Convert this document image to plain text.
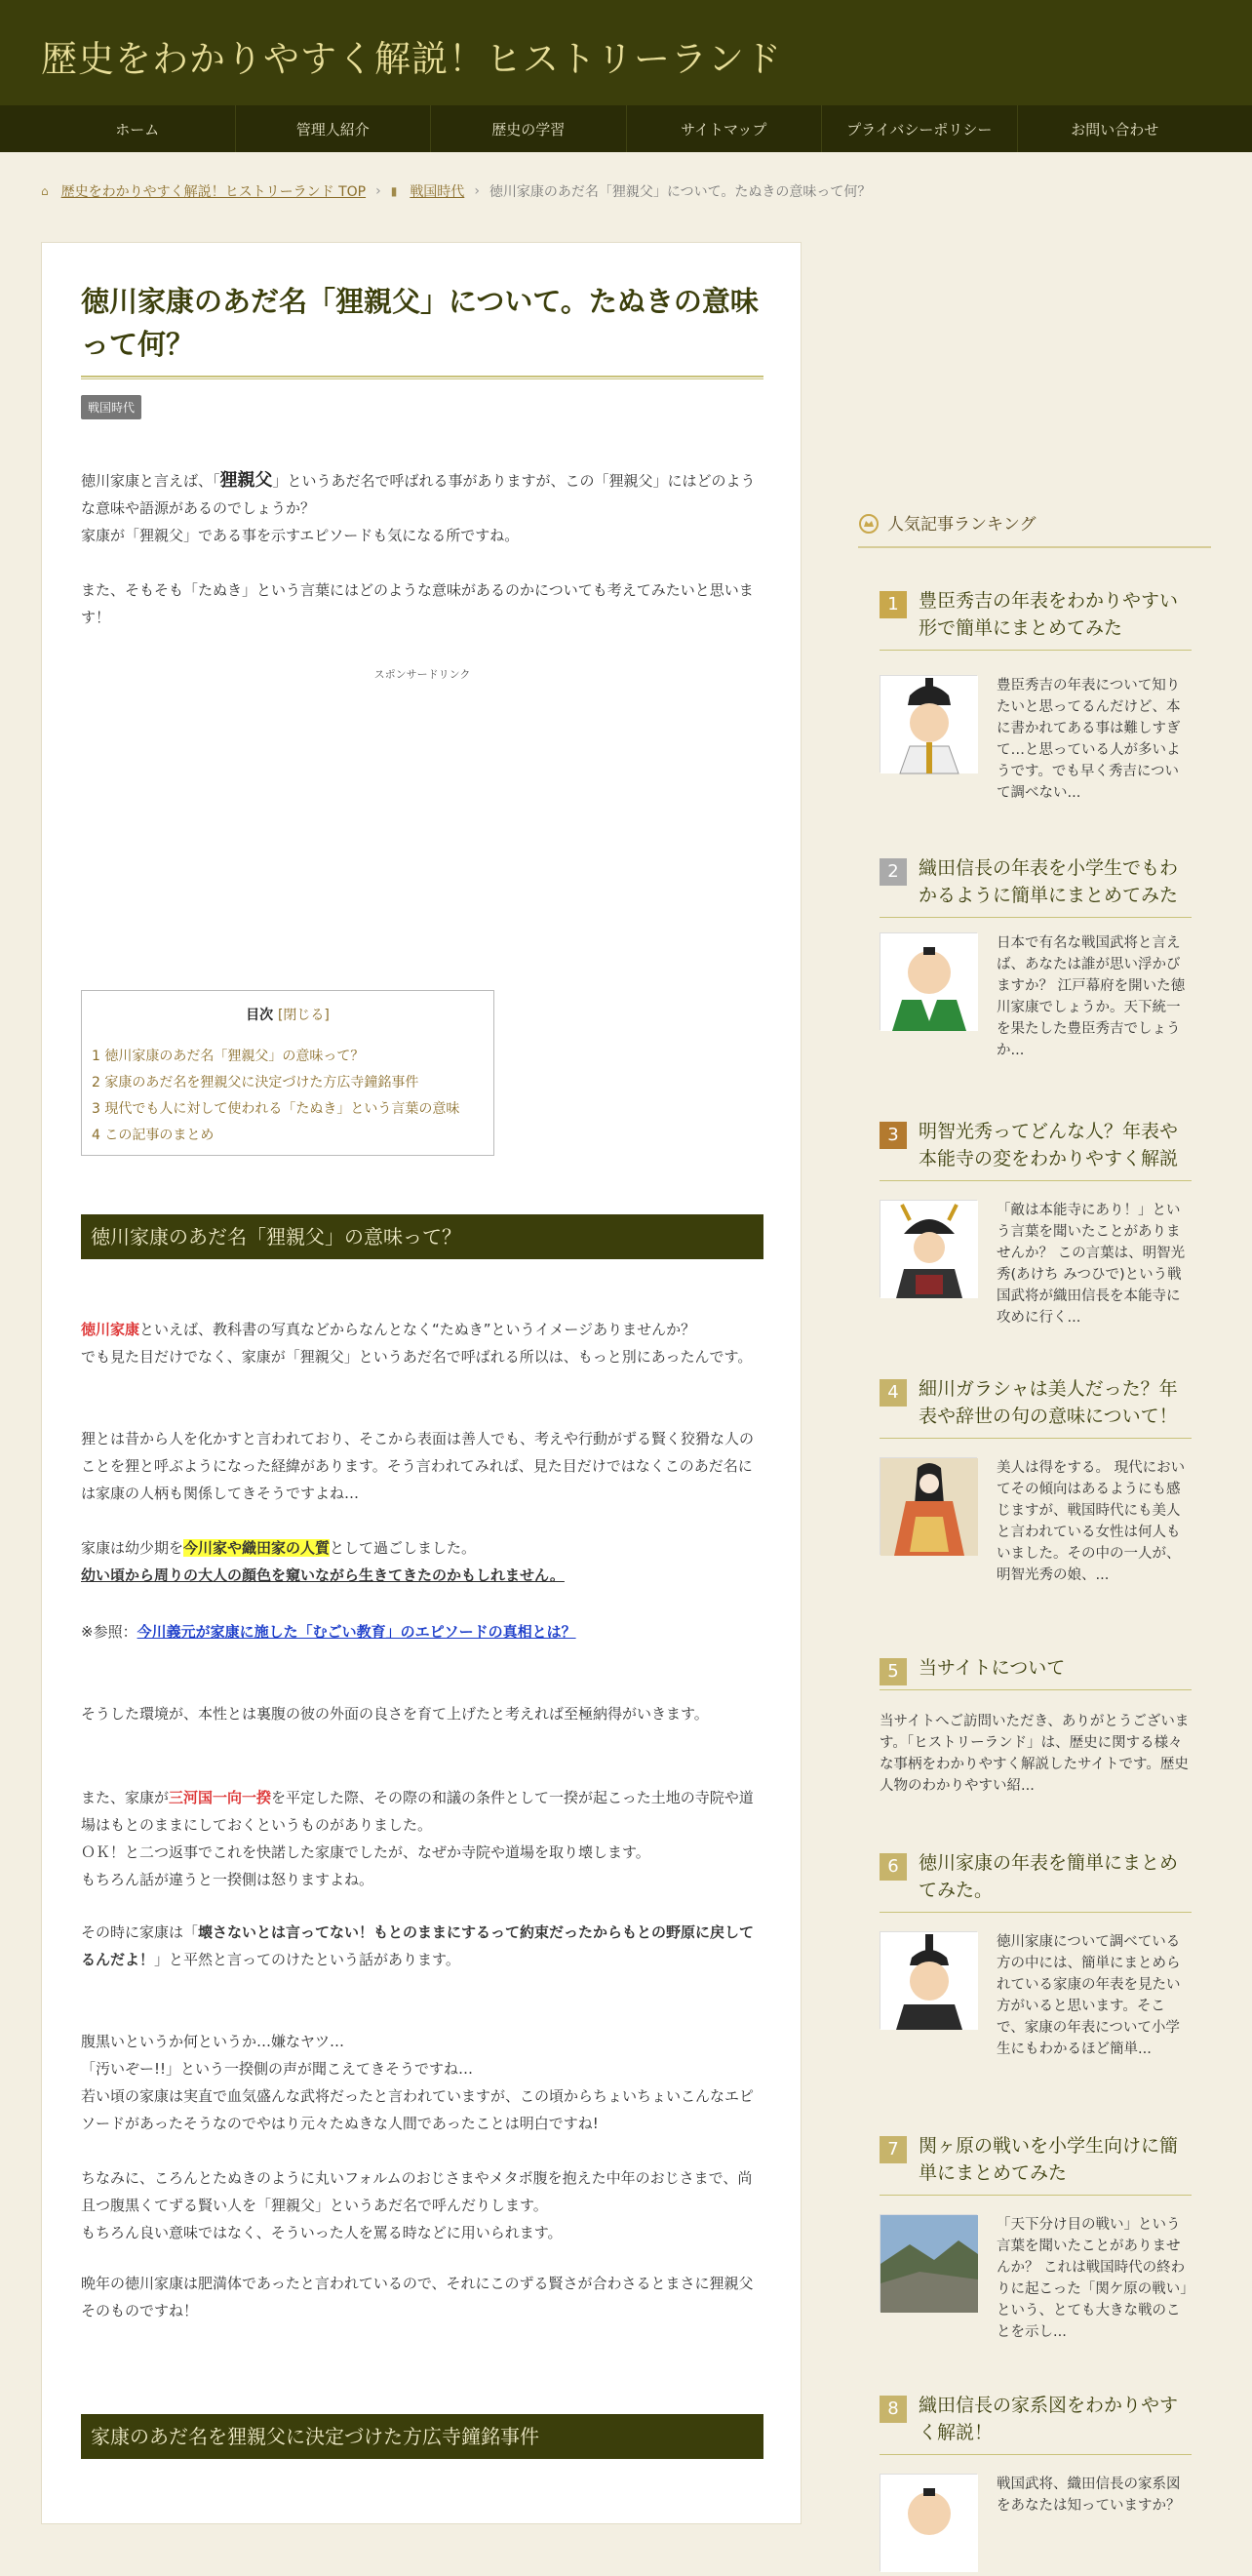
歴史をわかりやすく解説！ヒストリーランド
ホーム	管理人紹介	歴史の学習	サイトマップ	プライバシーポリシー	お問い合わせ
⌂ 歴史をわかりやすく解説！ヒストリーランド TOP › ▮ 戦国時代 › 徳川家康のあだ名「狸親父」について。たぬきの意味って何？
徳川家康のあだ名「狸親父」について。たぬきの意味って何？
戦国時代
徳川家康と言えば、「狸親父」というあだ名で呼ばれる事がありますが、この「狸親父」にはどのような意味や語源があるのでしょうか？
家康が「狸親父」である事を示すエピソードも気になる所ですね。
また、そもそも「たぬき」という言葉にはどのような意味があるのかについても考えてみたいと思います！
スポンサードリンク
目次 [閉じる]
1 徳川家康のあだ名「狸親父」の意味って？
2 家康のあだ名を狸親父に決定づけた方広寺鐘銘事件
3 現代でも人に対して使われる「たぬき」という言葉の意味
4 この記事のまとめ
徳川家康のあだ名「狸親父」の意味って？
徳川家康といえば、教科書の写真などからなんとなく“たぬき”というイメージありませんか？
でも見た目だけでなく、家康が「狸親父」というあだ名で呼ばれる所以は、もっと別にあったんです。
狸とは昔から人を化かすと言われており、そこから表面は善人でも、考えや行動がずる賢く狡猾な人のことを狸と呼ぶようになった経緯があります。そう言われてみれば、見た目だけではなくこのあだ名には家康の人柄も関係してきそうですよね…
家康は幼少期を今川家や織田家の人質として過ごしました。
幼い頃から周りの大人の顔色を窺いながら生きてきたのかもしれません。
※参照：今川義元が家康に施した「むごい教育」のエピソードの真相とは？
そうした環境が、本性とは裏腹の彼の外面の良さを育て上げたと考えれば至極納得がいきます。
また、家康が三河国一向一揆を平定した際、その際の和議の条件として一揆が起こった土地の寺院や道場はもとのままにしておくというものがありました。
ＯＫ！と二つ返事でこれを快諾した家康でしたが、なぜか寺院や道場を取り壊します。
もちろん話が違うと一揆側は怒りますよね。
その時に家康は「壊さないとは言ってない！もとのままにするって約束だったからもとの野原に戻してるんだよ！」と平然と言ってのけたという話があります。
腹黒いというか何というか…嫌なヤツ…
「汚いぞー!!」という一揆側の声が聞こえてきそうですね…
若い頃の家康は実直で血気盛んな武将だったと言われていますが、この頃からちょいちょいこんなエピソードがあったそうなのでやはり元々たぬきな人間であったことは明白ですね!
ちなみに、ころんとたぬきのように丸いフォルムのおじさまやメタボ腹を抱えた中年のおじさまで、尚且つ腹黒くてずる賢い人を「狸親父」というあだ名で呼んだりします。
もちろん良い意味ではなく、そういった人を罵る時などに用いられます。
晩年の徳川家康は肥満体であったと言われているので、それにこのずる賢さが合わさるとまさに狸親父そのものですね！
家康のあだ名を狸親父に決定づけた方広寺鐘銘事件
人気記事ランキング
1	豊臣秀吉の年表をわかりやすい形で簡単にまとめてみた
豊臣秀吉の年表について知りたいと思ってるんだけど、本に書かれてある事は難しすぎて…と思っている人が多いようです。でも早く秀吉について調べない...
2	織田信長の年表を小学生でもわかるように簡単にまとめてみた
日本で有名な戦国武将と言えば、あなたは誰が思い浮かびますか？ 江戸幕府を開いた徳川家康でしょうか。天下統一を果たした豊臣秀吉でしょうか...
3	明智光秀ってどんな人？年表や本能寺の変をわかりやすく解説
「敵は本能寺にあり！」という言葉を聞いたことがありませんか？ この言葉は、明智光秀(あけち みつひで)という戦国武将が織田信長を本能寺に攻めに行く...
4	細川ガラシャは美人だった？年表や辞世の句の意味について！
美人は得をする。 現代においてその傾向はあるようにも感じますが、戦国時代にも美人と言われている女性は何人もいました。その中の一人が、明智光秀の娘、...
5	当サイトについて
当サイトへご訪問いただき、ありがとうございます。「ヒストリーランド」は、歴史に関する様々な事柄をわかりやすく解説したサイトです。歴史人物のわかりやすい紹...
6	徳川家康の年表を簡単にまとめてみた。
徳川家康について調べている方の中には、簡単にまとめられている家康の年表を見たい方がいると思います。そこで、家康の年表について小学生にもわかるほど簡単...
7	関ヶ原の戦いを小学生向けに簡単にまとめてみた
「天下分け目の戦い」という言葉を聞いたことがありませんか？ これは戦国時代の終わりに起こった「関ケ原の戦い」という、とても大きな戦のことを示し...
8	織田信長の家系図をわかりやすく解説！
戦国武将、織田信長の家系図をあなたは知っていますか？
